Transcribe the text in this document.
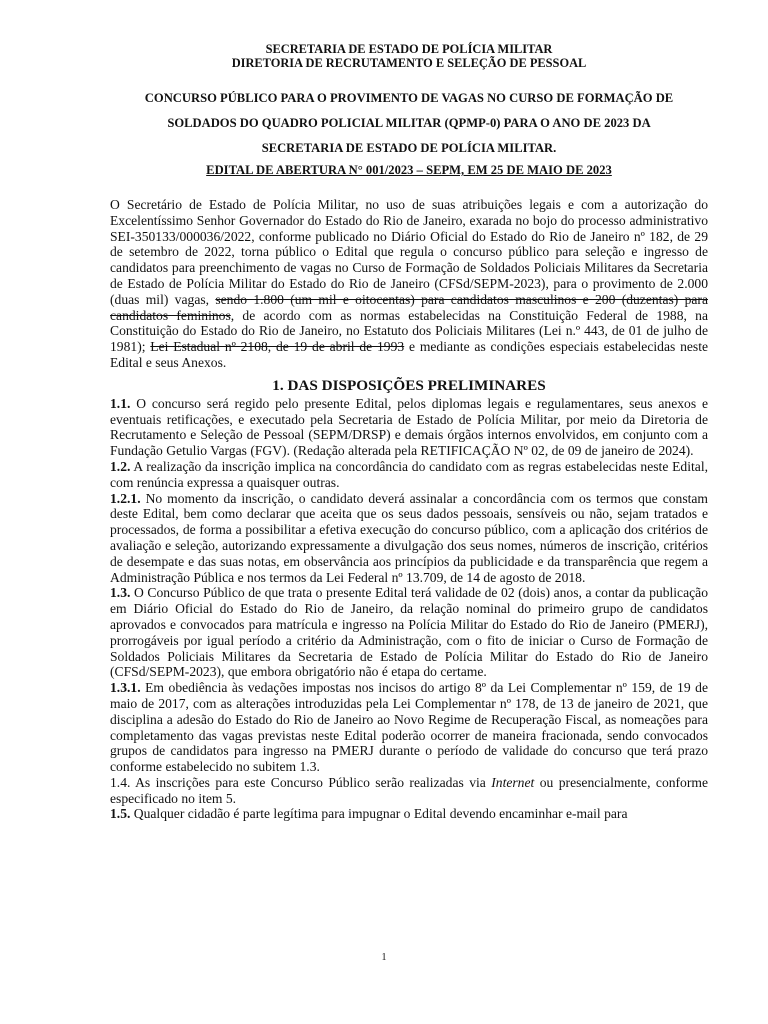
SECRETARIA DE ESTADO DE POLÍCIA MILITAR
DIRETORIA DE RECRUTAMENTO E SELEÇÃO DE PESSOAL
CONCURSO PÚBLICO PARA O PROVIMENTO DE VAGAS NO CURSO DE FORMAÇÃO DE
SOLDADOS DO QUADRO POLICIAL MILITAR (QPMP-0) PARA O ANO DE 2023 DA
SECRETARIA DE ESTADO DE POLÍCIA MILITAR.
EDITAL DE ABERTURA N° 001/2023 – SEPM, EM 25 DE MAIO DE 2023

O Secretário de Estado de Polícia Militar, no uso de suas atribuições legais e com a autorização do Excelentíssimo Senhor Governador do Estado do Rio de Janeiro, exarada no bojo do processo administrativo SEI-350133/000036/2022, conforme publicado no Diário Oficial do Estado do Rio de Janeiro nº 182, de 29 de setembro de 2022, torna público o Edital que regula o concurso público para seleção e ingresso de candidatos para preenchimento de vagas no Curso de Formação de Soldados Policiais Militares da Secretaria de Estado de Polícia Militar do Estado do Rio de Janeiro (CFSd/SEPM-2023), para o provimento de 2.000 (duas mil) vagas, sendo 1.800 (um mil e oitocentas) para candidatos masculinos e 200 (duzentas) para candidatos femininos, de acordo com as normas estabelecidas na Constituição Federal de 1988, na Constituição do Estado do Rio de Janeiro, no Estatuto dos Policiais Militares (Lei n.º 443, de 01 de julho de 1981); Lei Estadual nº 2108, de 19 de abril de 1993 e mediante as condições especiais estabelecidas neste Edital e seus Anexos.

1. DAS DISPOSIÇÕES PRELIMINARES

1.1. O concurso será regido pelo presente Edital, pelos diplomas legais e regulamentares, seus anexos e eventuais retificações, e executado pela Secretaria de Estado de Polícia Militar, por meio da Diretoria de Recrutamento e Seleção de Pessoal (SEPM/DRSP) e demais órgãos internos envolvidos, em conjunto com a Fundação Getulio Vargas (FGV). (Redação alterada pela RETIFICAÇÃO Nº 02, de 09 de janeiro de 2024).

1.2. A realização da inscrição implica na concordância do candidato com as regras estabelecidas neste Edital, com renúncia expressa a quaisquer outras.

1.2.1. No momento da inscrição, o candidato deverá assinalar a concordância com os termos que constam deste Edital, bem como declarar que aceita que os seus dados pessoais, sensíveis ou não, sejam tratados e processados, de forma a possibilitar a efetiva execução do concurso público, com a aplicação dos critérios de avaliação e seleção, autorizando expressamente a divulgação dos seus nomes, números de inscrição, critérios de desempate e das suas notas, em observância aos princípios da publicidade e da transparência que regem a Administração Pública e nos termos da Lei Federal nº 13.709, de 14 de agosto de 2018.

1.3. O Concurso Público de que trata o presente Edital terá validade de 02 (dois) anos, a contar da publicação em Diário Oficial do Estado do Rio de Janeiro, da relação nominal do primeiro grupo de candidatos aprovados e convocados para matrícula e ingresso na Polícia Militar do Estado do Rio de Janeiro (PMERJ), prorrogáveis por igual período a critério da Administração, com o fito de iniciar o Curso de Formação de Soldados Policiais Militares da Secretaria de Estado de Polícia Militar do Estado do Rio de Janeiro (CFSd/SEPM-2023), que embora obrigatório não é etapa do certame.

1.3.1. Em obediência às vedações impostas nos incisos do artigo 8º da Lei Complementar nº 159, de 19 de maio de 2017, com as alterações introduzidas pela Lei Complementar nº 178, de 13 de janeiro de 2021, que disciplina a adesão do Estado do Rio de Janeiro ao Novo Regime de Recuperação Fiscal, as nomeações para completamento das vagas previstas neste Edital poderão ocorrer de maneira fracionada, sendo convocados grupos de candidatos para ingresso na PMERJ durante o período de validade do concurso que terá prazo conforme estabelecido no subitem 1.3.

1.4. As inscrições para este Concurso Público serão realizadas via Internet ou presencialmente, conforme especificado no item 5.

1.5. Qualquer cidadão é parte legítima para impugnar o Edital devendo encaminhar e-mail para

1
